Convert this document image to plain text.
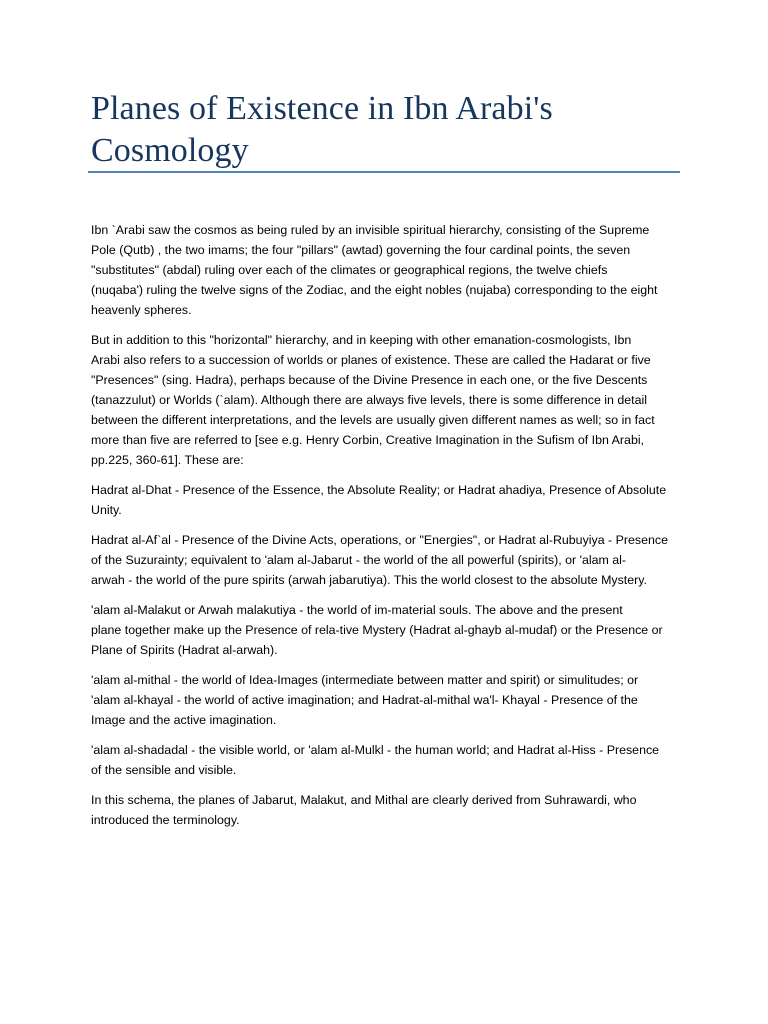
Planes of Existence in Ibn Arabi's
Cosmology

Ibn `Arabi saw the cosmos as being ruled by an invisible spiritual hierarchy, consisting of the Supreme
Pole (Qutb) , the two imams; the four "pillars" (awtad) governing the four cardinal points, the seven
"substitutes" (abdal) ruling over each of the climates or geographical regions, the twelve chiefs
(nuqaba') ruling the twelve signs of the Zodiac, and the eight nobles (nujaba) corresponding to the eight
heavenly spheres.

But in addition to this "horizontal" hierarchy, and in keeping with other emanation-cosmologists, Ibn
Arabi also refers to a succession of worlds or planes of existence. These are called the Hadarat or five
"Presences" (sing. Hadra), perhaps because of the Divine Presence in each one, or the five Descents
(tanazzulut) or Worlds (`alam). Although there are always five levels, there is some difference in detail
between the different interpretations, and the levels are usually given different names as well; so in fact
more than five are referred to [see e.g. Henry Corbin, Creative Imagination in the Sufism of Ibn Arabi,
pp.225, 360-61]. These are:

Hadrat al-Dhat - Presence of the Essence, the Absolute Reality; or Hadrat ahadiya, Presence of Absolute
Unity.

Hadrat al-Af`al - Presence of the Divine Acts, operations, or "Energies", or Hadrat al-Rubuyiya - Presence
of the Suzurainty; equivalent to 'alam al-Jabarut - the world of the all powerful (spirits), or 'alam al-
arwah - the world of the pure spirits (arwah jabarutiya). This the world closest to the absolute Mystery.

'alam al-Malakut or Arwah malakutiya - the world of im-material souls. The above and the present
plane together make up the Presence of rela-tive Mystery (Hadrat al-ghayb al-mudaf) or the Presence or
Plane of Spirits (Hadrat al-arwah).

'alam al-mithal - the world of Idea-Images (intermediate between matter and spirit) or simulitudes; or
'alam al-khayal - the world of active imagination; and Hadrat-al-mithal wa'l- Khayal - Presence of the
Image and the active imagination.

'alam al-shadadal - the visible world, or 'alam al-Mulkl - the human world; and Hadrat al-Hiss - Presence
of the sensible and visible.

In this schema, the planes of Jabarut, Malakut, and Mithal are clearly derived from Suhrawardi, who
introduced the terminology.
